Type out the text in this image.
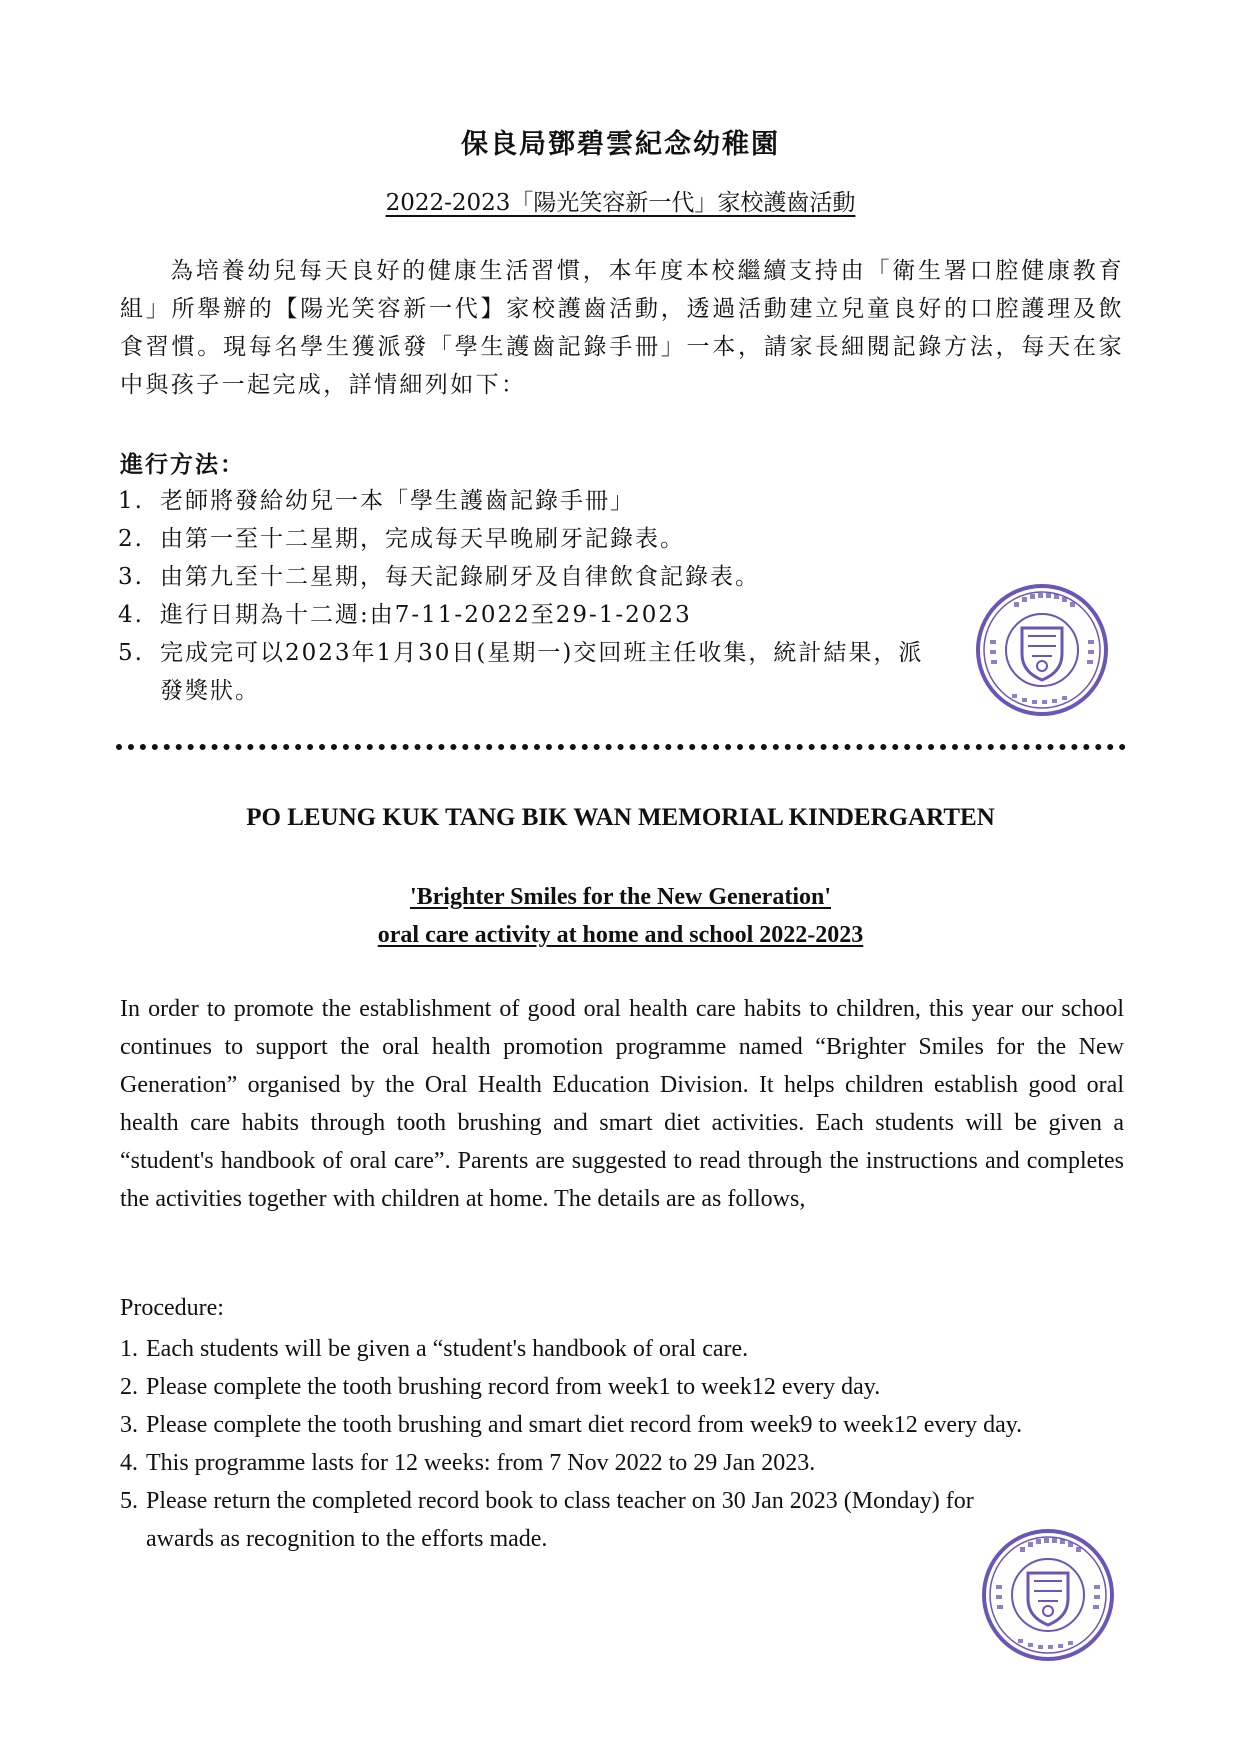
保良局鄧碧雲紀念幼稚園
2022-2023「陽光笑容新一代」家校護齒活動

為培養幼兒每天良好的健康生活習慣，本年度本校繼續支持由「衛生署口腔健康教育組」所舉辦的【陽光笑容新一代】家校護齒活動，透過活動建立兒童良好的口腔護理及飲食習慣。現每名學生獲派發「學生護齒記錄手冊」一本，請家長細閱記錄方法，每天在家中與孩子一起完成，詳情細列如下：

進行方法：
1. 老師將發給幼兒一本「學生護齒記錄手冊」
2. 由第一至十二星期，完成每天早晚刷牙記錄表。
3. 由第九至十二星期，每天記錄刷牙及自律飲食記錄表。
4. 進行日期為十二週:由7-11-2022至29-1-2023
5. 完成完可以2023年1月30日(星期一)交回班主任收集，統計結果，派發獎狀。
PO LEUNG KUK TANG BIK WAN MEMORIAL KINDERGARTEN
'Brighter Smiles for the New Generation'
oral care activity at home and school 2022-2023

In order to promote the establishment of good oral health care habits to children, this year our school continues to support the oral health promotion programme named “Brighter Smiles for the New Generation” organised by the Oral Health Education Division. It helps children establish good oral health care habits through tooth brushing and smart diet activities. Each students will be given a “student's handbook of oral care”. Parents are suggested to read through the instructions and completes the activities together with children at home. The details are as follows,

Procedure:
1. Each students will be given a “student's handbook of oral care.
2. Please complete the tooth brushing record from week1 to week12 every day.
3. Please complete the tooth brushing and smart diet record from week9 to week12 every day.
4. This programme lasts for 12 weeks: from 7 Nov 2022 to 29 Jan 2023.
5. Please return the completed record book to class teacher on 30 Jan 2023 (Monday) for awards as recognition to the efforts made.
